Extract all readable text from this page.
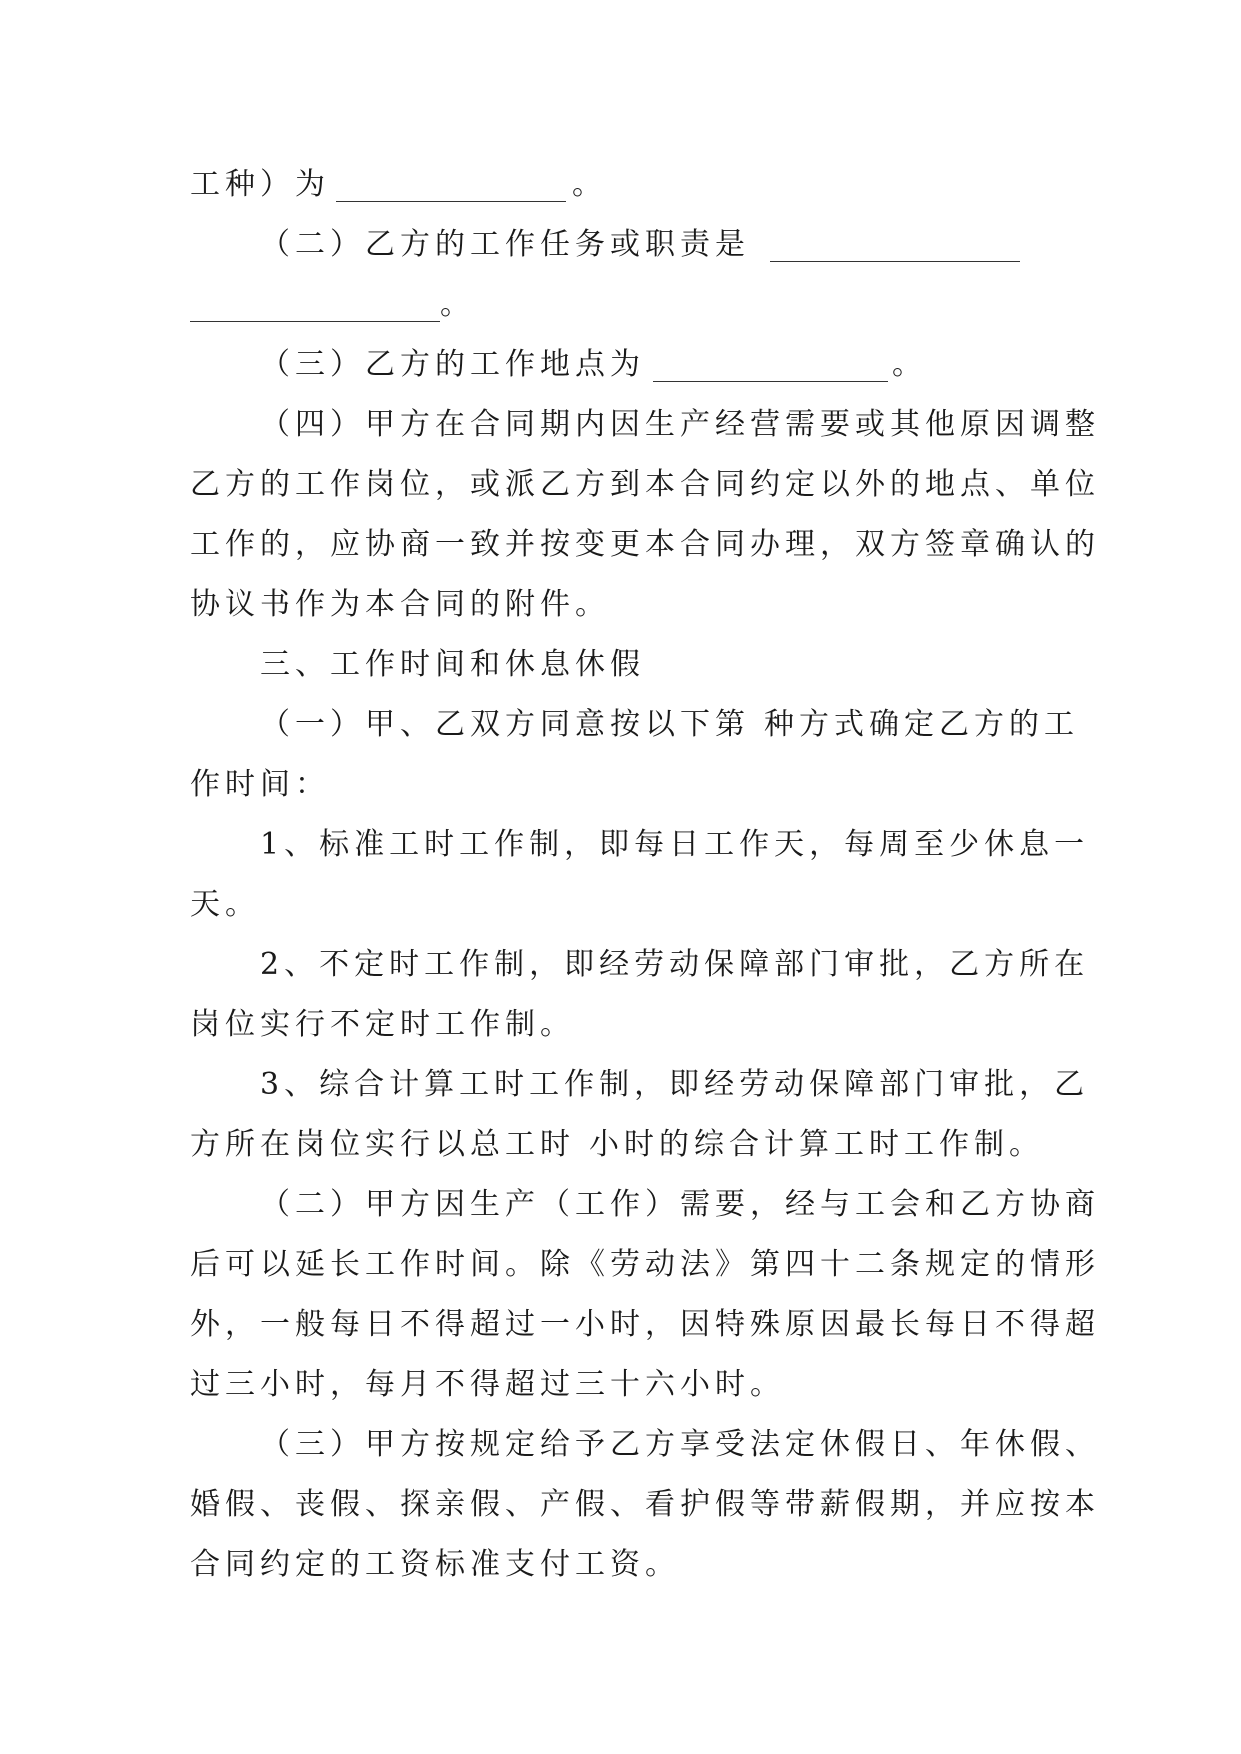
工种）为	。
（二）乙方的工作任务或职责是
。
（三）乙方的工作地点为	。
（四）甲方在合同期内因生产经营需要或其他原因调整
乙方的工作岗位，或派乙方到本合同约定以外的地点、单位
工作的，应协商一致并按变更本合同办理，双方签章确认的
协议书作为本合同的附件。
三、工作时间和休息休假
（一）甲、乙双方同意按以下第 种方式确定乙方的工
作时间：
1、标准工时工作制，即每日工作天，每周至少休息一
天。
2、不定时工作制，即经劳动保障部门审批，乙方所在
岗位实行不定时工作制。
3、综合计算工时工作制，即经劳动保障部门审批，乙
方所在岗位实行以总工时 小时的综合计算工时工作制。
（二）甲方因生产（工作）需要，经与工会和乙方协商
后可以延长工作时间。除《劳动法》第四十二条规定的情形
外，一般每日不得超过一小时，因特殊原因最长每日不得超
过三小时，每月不得超过三十六小时。
（三）甲方按规定给予乙方享受法定休假日、年休假、
婚假、丧假、探亲假、产假、看护假等带薪假期，并应按本
合同约定的工资标准支付工资。
